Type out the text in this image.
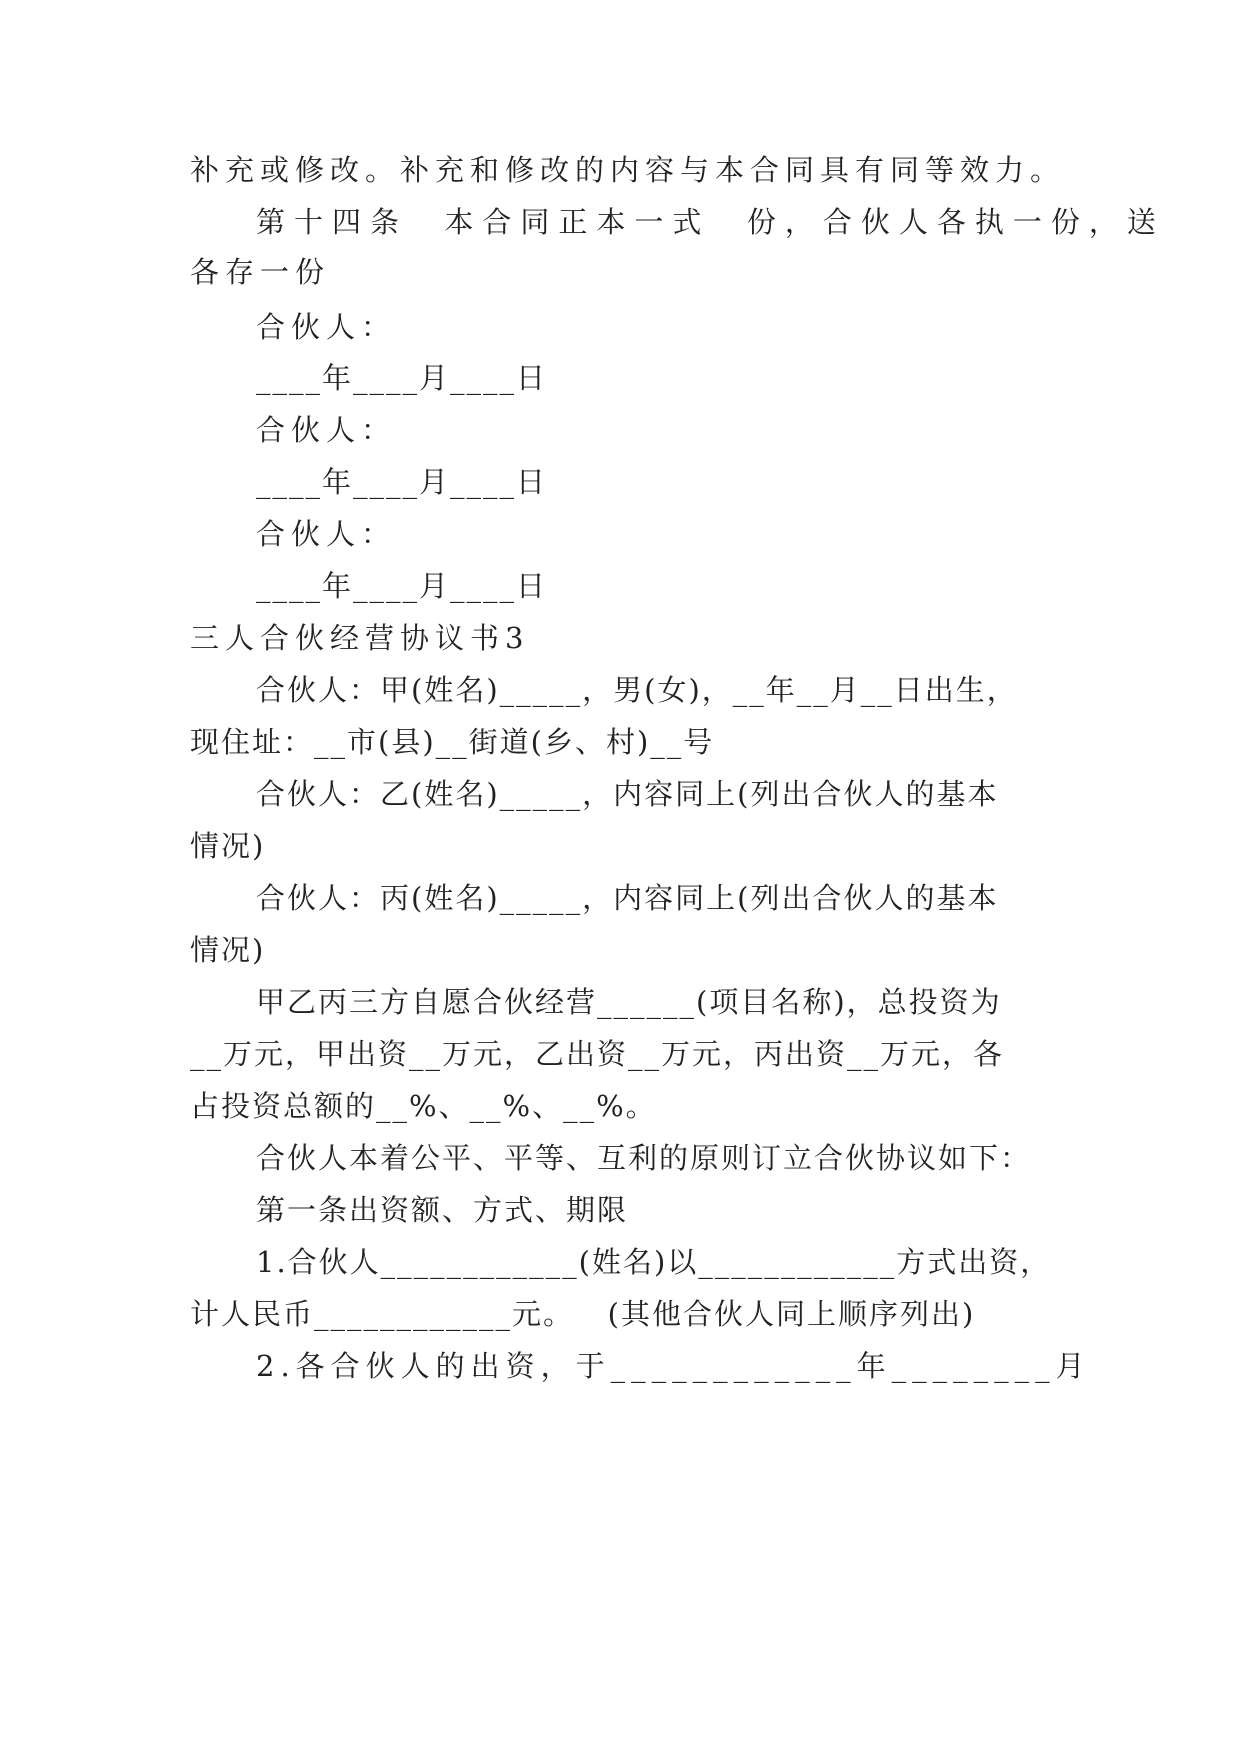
补充或修改。补充和修改的内容与本合同具有同等效力。
第十四条  本合同正本一式  份，合伙人各执一份，送
各存一份
合伙人：
____年____月____日
合伙人：
____年____月____日
合伙人：
____年____月____日
三人合伙经营协议书3
合伙人：甲(姓名)_____，男(女)，__年__月__日出生，
现住址：__市(县)__街道(乡、村)__号
合伙人：乙(姓名)_____，内容同上(列出合伙人的基本
情况)
合伙人：丙(姓名)_____，内容同上(列出合伙人的基本
情况)
甲乙丙三方自愿合伙经营______(项目名称)，总投资为
__万元，甲出资__万元，乙出资__万元，丙出资__万元，各
占投资总额的__%、__%、__%。
合伙人本着公平、平等、互利的原则订立合伙协议如下：
第一条出资额、方式、期限
1.合伙人____________(姓名)以____________方式出资，
计人民币____________元。   (其他合伙人同上顺序列出)
2.各合伙人的出资，于____________年________月
